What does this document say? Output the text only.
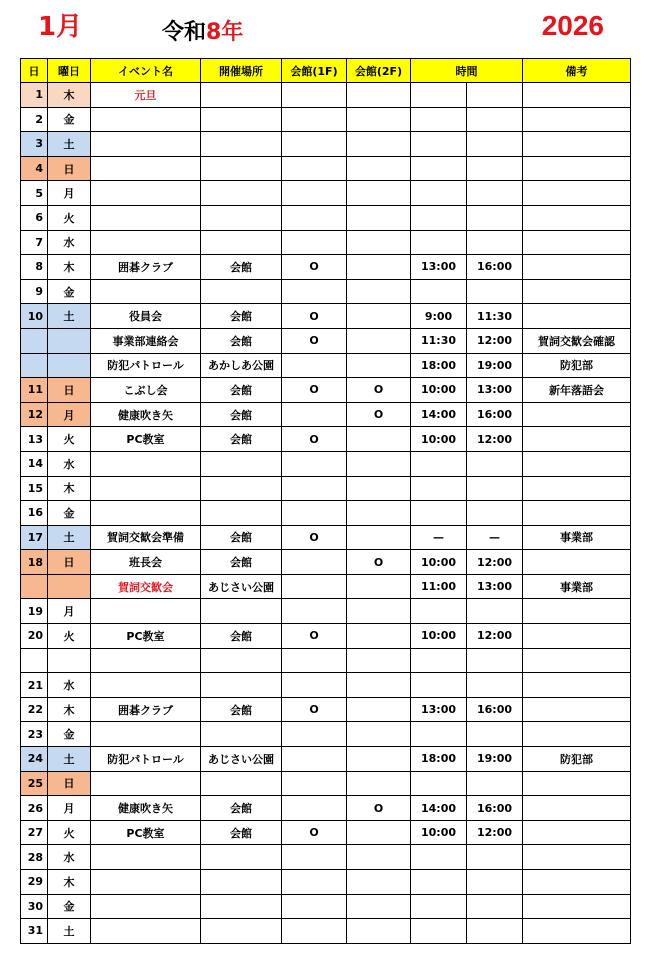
1月	令和8年	2026
日	曜日	イベント名	開催場所	会館(1F)	会館(2F)	時間		備考
1	木	元旦						
2	金							
3	土							
4	日							
5	月							
6	火							
7	水							
8	木	囲碁クラブ	会館	O		13:00	16:00	
9	金							
10	土	役員会	会館	O		9:00	11:30	
		事業部連絡会	会館	O		11:30	12:00	賀詞交歓会確認
		防犯パトロール	あかしあ公園			18:00	19:00	防犯部
11	日	こぶし会	会館	O	O	10:00	13:00	新年落語会
12	月	健康吹き矢	会館		O	14:00	16:00	
13	火	PC教室	会館	O		10:00	12:00	
14	水							
15	木							
16	金							
17	土	賀詞交歓会準備	会館	O		—	—	事業部
18	日	班長会	会館		O	10:00	12:00	
		賀詞交歓会	あじさい公園			11:00	13:00	事業部
19	月							
20	火	PC教室	会館	O		10:00	12:00	

21	水							
22	木	囲碁クラブ	会館	O		13:00	16:00	
23	金							
24	土	防犯パトロール	あじさい公園			18:00	19:00	防犯部
25	日							
26	月	健康吹き矢	会館		O	14:00	16:00	
27	火	PC教室	会館	O		10:00	12:00	
28	水							
29	木							
30	金							
31	土							
